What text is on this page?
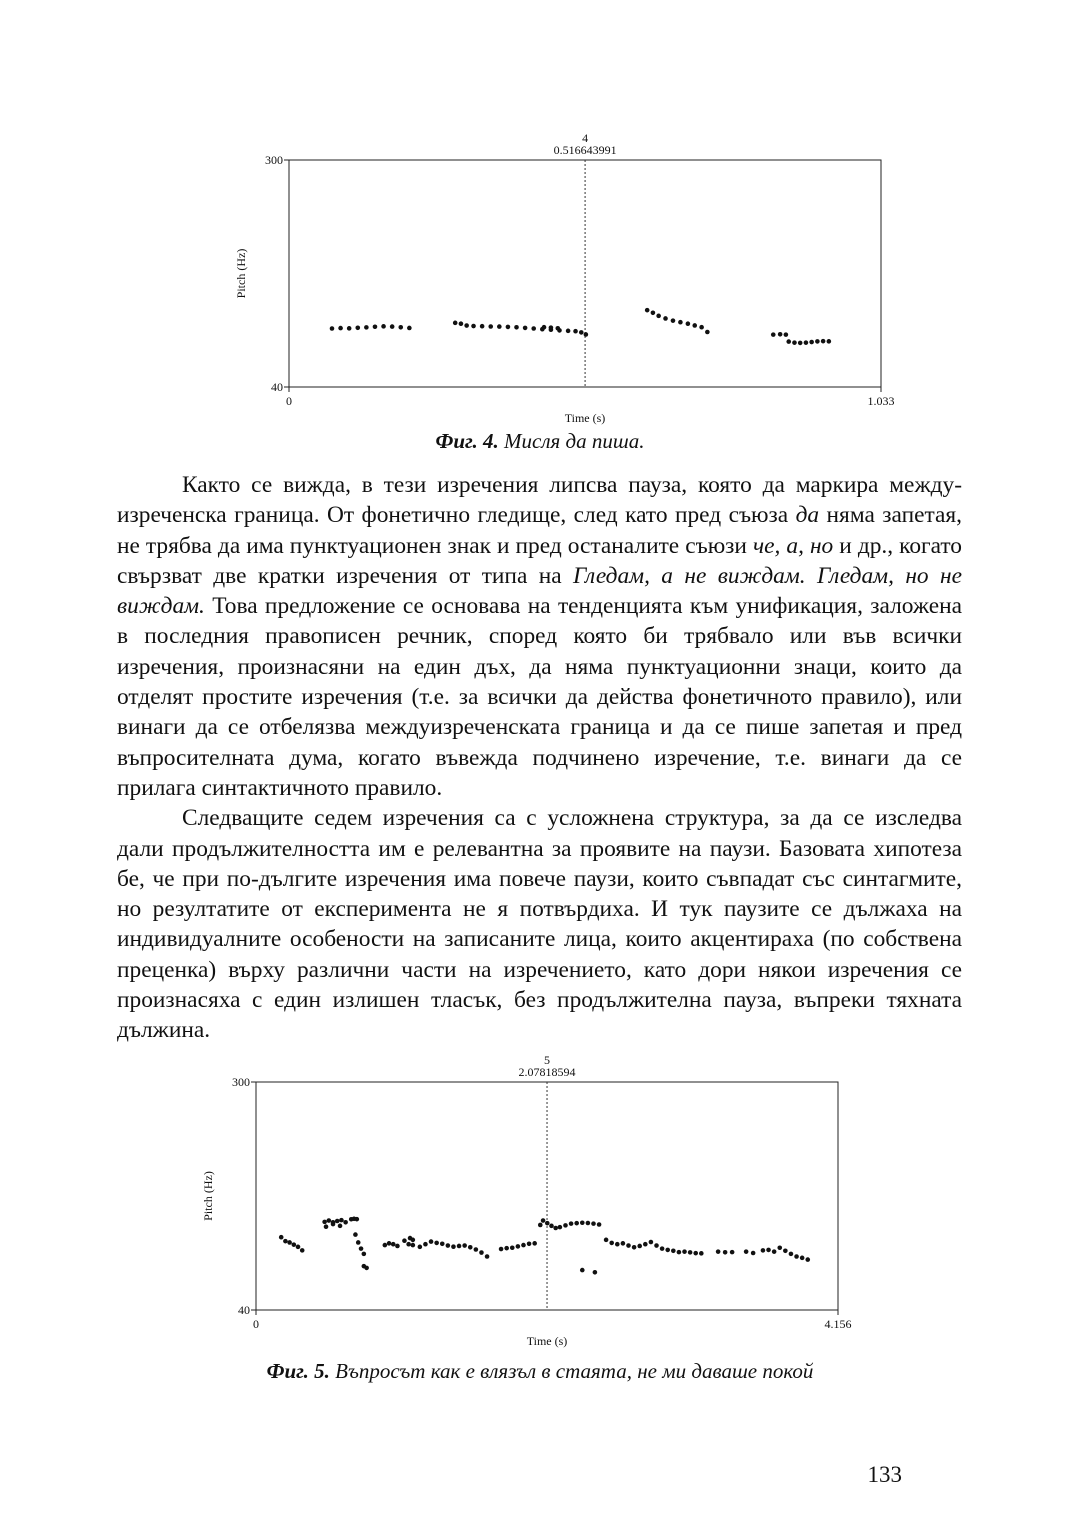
300
40
0	1.033
Time (s)
Pitch (Hz)
4
0.516643991
Фиг. 4. Мисля да пиша.

Както се вижда, в тези изречения липсва пауза, която да маркира междуизреченска граница. От фонетично гледище, след като пред съюза да няма запетая, не трябва да има пунктуационен знак и пред останалите съюзи че, а, но и др., когато свързват две кратки изречения от типа на Гледам, а не виждам. Гледам, но не виждам. Това предложение се основава на тенденцията към унификация, заложена в последния правописен речник, според която би трябвало или във всички изречения, произнасяни на един дъх, да няма пунктуационни знаци, които да отделят простите изречения (т.е. за всички да действа фонетичното правило), или винаги да се отбелязва междуизреченската граница и да се пише запетая и пред въпросителната дума, когато въвежда подчинено изречение, т.е. винаги да се прилага синтактичното правило.

Следващите седем изречения са с усложнена структура, за да се изследва дали продължителността им е релевантна за проявите на паузи. Базовата хипотеза бе, че при по-дългите изречения има повече паузи, които съвпадат със синтагмите, но резултатите от експеримента не я потвърдиха. И тук паузите се дължаха на индивидуалните особености на записаните лица, които акцентираха (по собствена преценка) върху различни части на изречението, като дори някои изречения се произнасяха с един излишен тласък, без продължителна пауза, въпреки тяхната дължина.

300
40
0	4.156
Time (s)
Pitch (Hz)
5
2.07818594
Фиг. 5. Въпросът как е влязъл в стаята, не ми даваше покой
133
